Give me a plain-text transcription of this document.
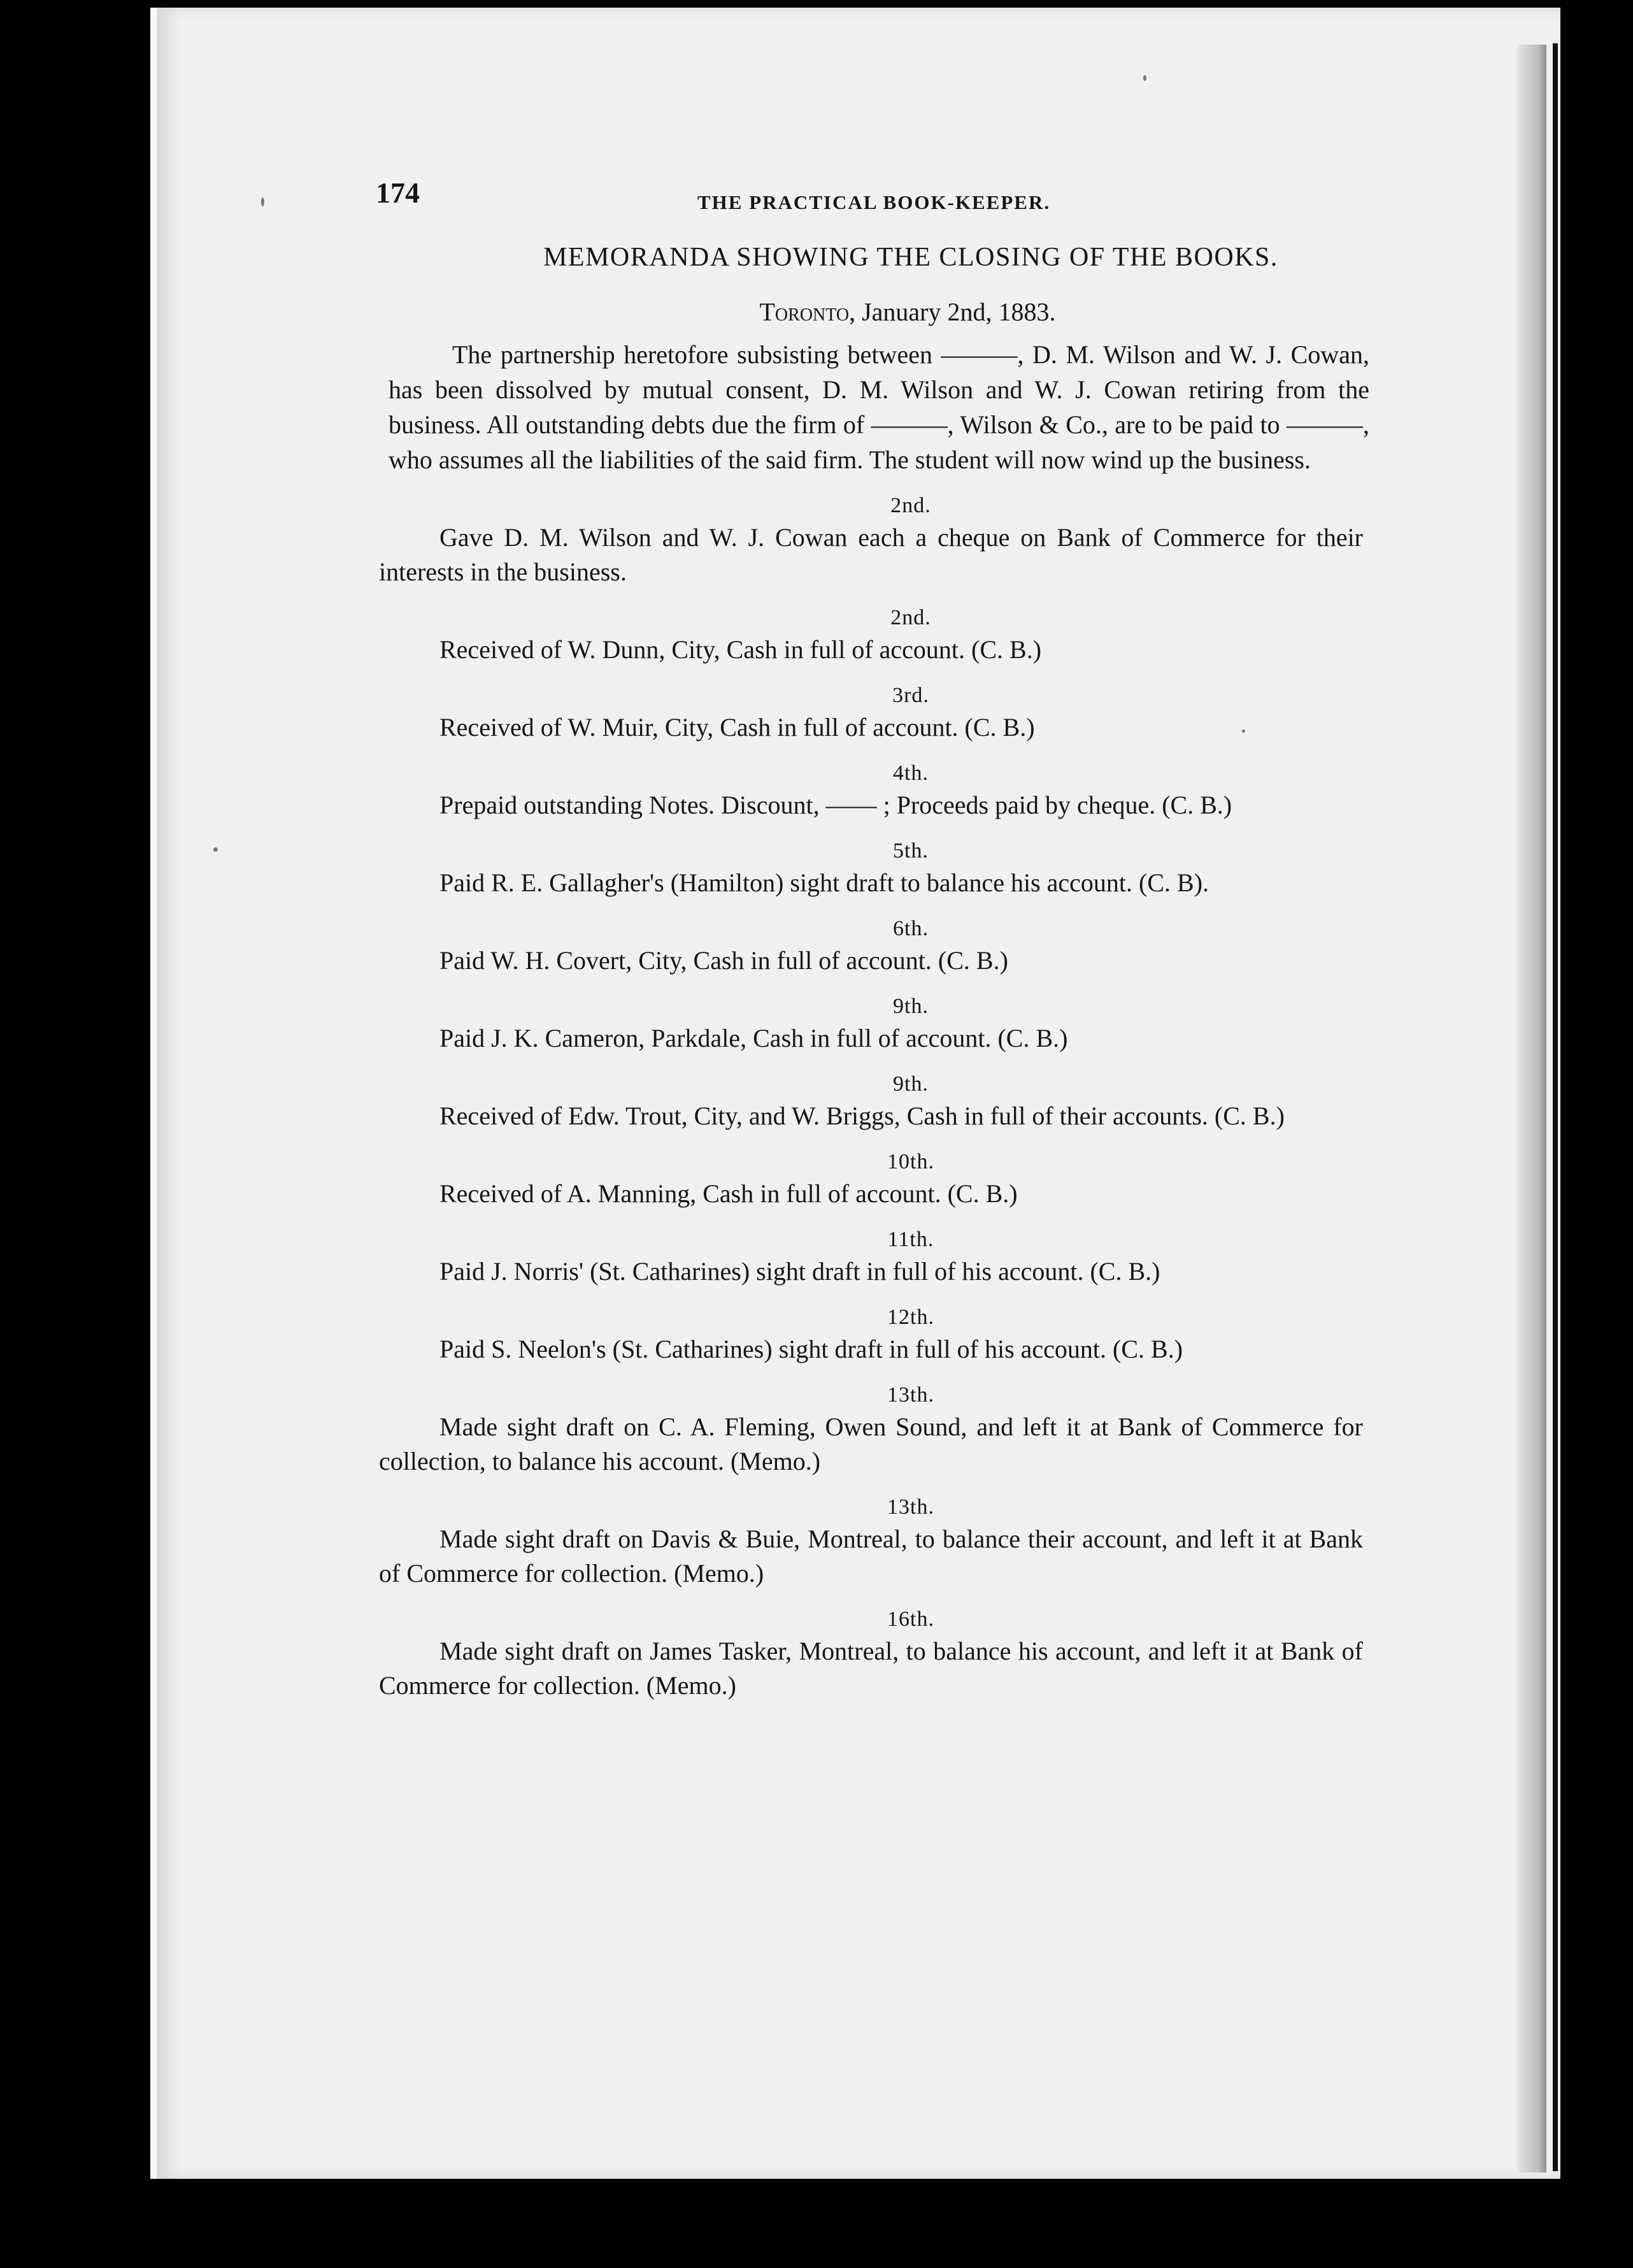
174	THE PRACTICAL BOOK-KEEPER.
MEMORANDA SHOWING THE CLOSING OF THE BOOKS.
Toronto, January 2nd, 1883.

The partnership heretofore subsisting between ———, D. M. Wilson and W. J. Cowan, has been dissolved by mutual consent, D. M. Wilson and W. J. Cowan retiring from the business. All outstanding debts due the firm of ———, Wilson & Co., are to be paid to ———, who assumes all the liabilities of the said firm. The student will now wind up the business.

2nd.

Gave D. M. Wilson and W. J. Cowan each a cheque on Bank of Commerce for their interests in the business.

2nd.

Received of W. Dunn, City, Cash in full of account. (C. B.)

3rd.

Received of W. Muir, City, Cash in full of account. (C. B.)

4th.

Prepaid outstanding Notes. Discount, —— ; Proceeds paid by cheque. (C. B.)

5th.

Paid R. E. Gallagher's (Hamilton) sight draft to balance his account. (C. B).

6th.

Paid W. H. Covert, City, Cash in full of account. (C. B.)

9th.

Paid J. K. Cameron, Parkdale, Cash in full of account. (C. B.)

9th.

Received of Edw. Trout, City, and W. Briggs, Cash in full of their accounts. (C. B.)

10th.

Received of A. Manning, Cash in full of account. (C. B.)

11th.

Paid J. Norris' (St. Catharines) sight draft in full of his account. (C. B.)

12th.

Paid S. Neelon's (St. Catharines) sight draft in full of his account. (C. B.)

13th.

Made sight draft on C. A. Fleming, Owen Sound, and left it at Bank of Commerce for collection, to balance his account. (Memo.)

13th.

Made sight draft on Davis & Buie, Montreal, to balance their account, and left it at Bank of Commerce for collection. (Memo.)

16th.

Made sight draft on James Tasker, Montreal, to balance his account, and left it at Bank of Commerce for collection. (Memo.)
